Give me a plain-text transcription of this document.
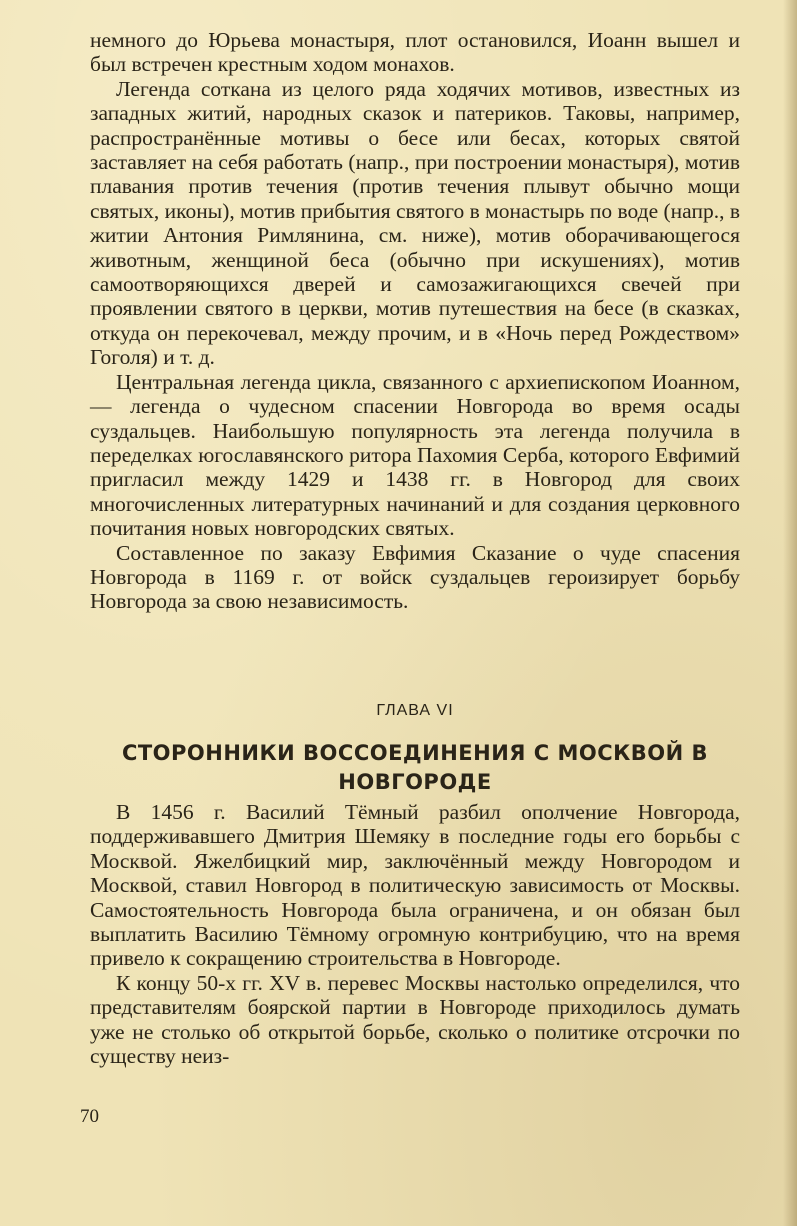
немного до Юрьева монастыря, плот остановился, Иоанн вышел и был встречен крестным ходом монахов.

Легенда соткана из целого ряда ходячих мотивов, известных из западных житий, народных сказок и патериков. Таковы, например, распространённые мотивы о бесе или бесах, которых святой заставляет на себя работать (напр., при построении монастыря), мотив плавания против течения (против течения плывут обычно мощи святых, иконы), мотив прибытия святого в монастырь по воде (напр., в житии Антония Римлянина, см. ниже), мотив оборачивающегося животным, женщиной беса (обычно при искушениях), мотив самоотворяющихся дверей и самозажигающихся свечей при проявлении святого в церкви, мотив путешествия на бесе (в сказках, откуда он перекочевал, между прочим, и в «Ночь перед Рождеством» Гоголя) и т. д.

Центральная легенда цикла, связанного с архиепископом Иоанном, — легенда о чудесном спасении Новгорода во время осады суздальцев. Наибольшую популярность эта легенда получила в переделках югославянского ритора Пахомия Серба, которого Евфимий пригласил между 1429 и 1438 гг. в Новгород для своих многочисленных литературных начинаний и для создания церковного почитания новых новгородских святых.

Составленное по заказу Евфимия Сказание о чуде спасения Новгорода в 1169 г. от войск суздальцев героизирует борьбу Новгорода за свою независимость.

ГЛАВА VI

СТОРОННИКИ ВОССОЕДИНЕНИЯ С МОСКВОЙ В НОВГОРОДЕ

В 1456 г. Василий Тёмный разбил ополчение Новгорода, поддерживавшего Дмитрия Шемяку в последние годы его борьбы с Москвой. Яжелбицкий мир, заключённый между Новгородом и Москвой, ставил Новгород в политическую зависимость от Москвы. Самостоятельность Новгорода была ограничена, и он обязан был выплатить Василию Тёмному огромную контрибуцию, что на время привело к сокращению строительства в Новгороде.

К концу 50-х гг. XV в. перевес Москвы настолько определился, что представителям боярской партии в Новгороде приходилось думать уже не столько об открытой борьбе, сколько о политике отсрочки по существу неиз-

70
